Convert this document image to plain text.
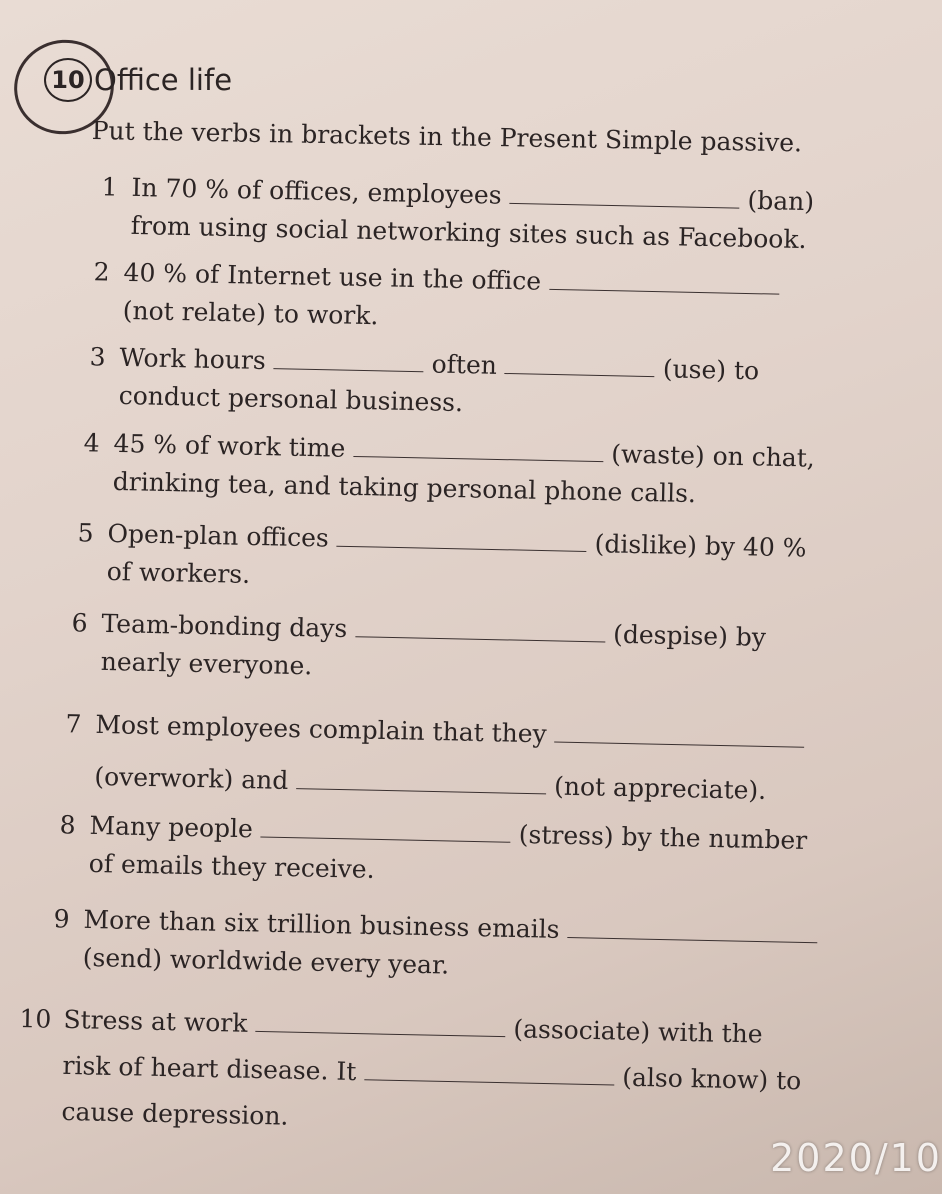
10 Office life
Put the verbs in brackets in the Present Simple passive.
1 In 70 % of offices, employees	(ban)
from using social networking sites such as Facebook.
2 40 % of Internet use in the office
(not relate) to work.
3 Work hours	often	(use) to
conduct personal business.
4 45 % of work time	(waste) on chat,
drinking tea, and taking personal phone calls.
5 Open-plan offices	(dislike) by 40 %
of workers.
6 Team-bonding days	(despise) by
nearly everyone.
7 Most employees complain that they
(overwork) and	(not appreciate).
8 Many people	(stress) by the number
of emails they receive.
9 More than six trillion business emails
(send) worldwide every year.
10 Stress at work	(associate) with the
risk of heart disease. It	(also know) to
cause depression.
2020/10
